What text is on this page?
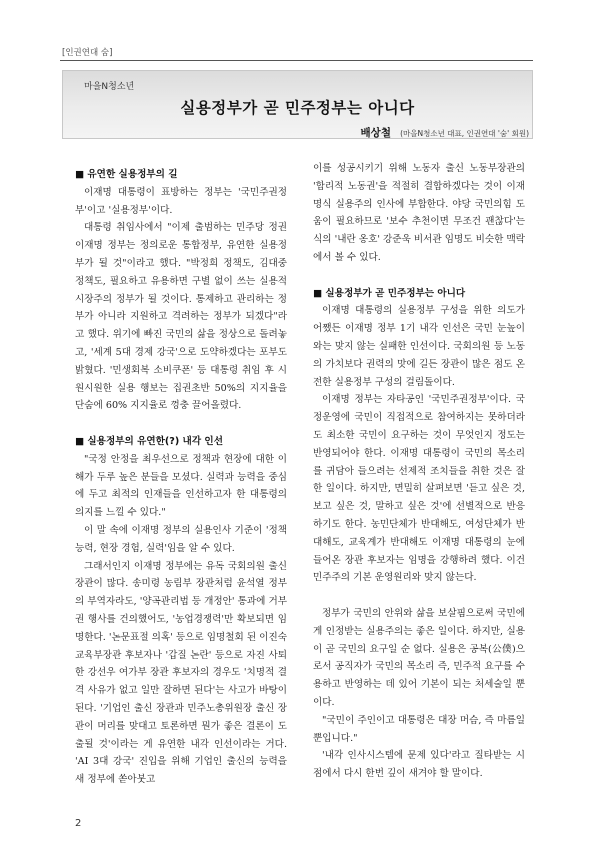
[인권연대 숨]
마을N청소년
실용정부가 곧 민주정부는 아니다
배상철 (마을N청소년 대표, 인권연대 '숨' 회원)
■ 유연한 실용정부의 길

이재명 대통령이 표방하는 정부는 '국민주권정부'이고 '실용정부'이다.

대통령 취임사에서 "이제 출범하는 민주당 정권 이재명 정부는 정의로운 통합정부, 유연한 실용정부가 될 것"이라고 했다. "박정희 정책도, 김대중 정책도, 필요하고 유용하면 구별 없이 쓰는 실용적 시장주의 정부가 될 것이다. 통제하고 관리하는 정부가 아니라 지원하고 격려하는 정부가 되겠다"라고 했다. 위기에 빠진 국민의 삶을 정상으로 돌려놓고, '세계 5대 경제 강국'으로 도약하겠다는 포부도 밝혔다. '민생회복 소비쿠폰' 등 대통령 취임 후 시원시원한 실용 행보는 집권초반 50%의 지지율을 단숨에 60% 지지율로 껑충 끌어올렸다.

■ 실용정부의 유연한(?) 내각 인선

"국정 안정을 최우선으로 정책과 현장에 대한 이해가 두루 높은 분들을 모셨다. 실력과 능력을 중심에 두고 최적의 인재들을 인선하고자 한 대통령의 의지를 느낄 수 있다."

이 말 속에 이재명 정부의 실용인사 기준이 '정책 능력, 현장 경험, 실력'임을 알 수 있다.

그래서인지 이재명 정부에는 유독 국회의원 출신 장관이 많다. 송미령 농림부 장관처럼 윤석열 정부의 부역자라도, '양곡관리법 등 개정안' 통과에 거부권 행사를 건의했어도, '농업경쟁력'만 확보되면 임명한다. '논문표절 의혹' 등으로 임명철회 된 이진숙 교육부장관 후보자나 '갑질 논란' 등으로 자진 사퇴 한 강선우 여가부 장관 후보자의 경우도 '치명적 결격 사유가 없고 일만 잘하면 된다'는 사고가 바탕이 된다. '기업인 출신 장관과 민주노총위원장 출신 장관이 머리를 맞대고 토론하면 뭔가 좋은 결론이 도출될 것'이라는 게 유연한 내각 인선이라는 거다. 'AI 3대 강국' 진입을 위해 기업인 출신의 능력을 새 정부에 쏟아붓고

이를 성공시키기 위해 노동자 출신 노동부장관의 '합리적 노동권'을 적절히 결합하겠다는 것이 이재명식 실용주의 인사에 부합한다. 야당 국민의힘 도움이 필요하므로 '보수 추천이면 무조건 괜찮다'는 식의 '내란 옹호' 강준욱 비서관 임명도 비슷한 맥락에서 볼 수 있다.

■ 실용정부가 곧 민주정부는 아니다

이재명 대통령의 실용정부 구성을 위한 의도가 어쨌든 이재명 정부 1기 내각 인선은 국민 눈높이와는 맞지 않는 실패한 인선이다. 국회의원 등 노동의 가치보다 권력의 맛에 길든 장관이 많은 점도 온전한 실용정부 구성의 걸림돌이다.

이재명 정부는 자타공인 '국민주권정부'이다. 국정운영에 국민이 직접적으로 참여하지는 못하더라도 최소한 국민이 요구하는 것이 무엇인지 정도는 반영되어야 한다. 이재명 대통령이 국민의 목소리를 귀담아 들으려는 선제적 조치들을 취한 것은 잘한 일이다. 하지만, 면밀히 살펴보면 '듣고 싶은 것, 보고 싶은 것, 말하고 싶은 것'에 선별적으로 반응하기도 한다. 농민단체가 반대해도, 여성단체가 반대해도, 교육계가 반대해도 이재명 대통령의 눈에 들어온 장관 후보자는 임명을 강행하려 했다. 이건 민주주의 기본 운영원리와 맞지 않는다.

정부가 국민의 안위와 삶을 보살핌으로써 국민에게 인정받는 실용주의는 좋은 일이다. 하지만, 실용이 곧 국민의 요구일 순 없다. 실용은 공복(公僕)으로서 공직자가 국민의 목소리 즉, 민주적 요구를 수용하고 반영하는 데 있어 기본이 되는 처세술일 뿐이다.

"국민이 주인이고 대통령은 대장 머슴, 즉 마름일 뿐입니다."

'내각 인사시스템에 문제 있다'라고 질타받는 시점에서 다시 한번 깊이 새겨야 할 말이다.

2
